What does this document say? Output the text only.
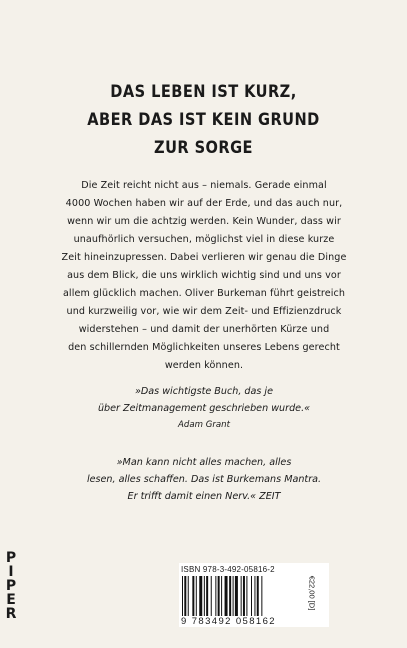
DAS LEBEN IST KURZ,
ABER DAS IST KEIN GRUND
ZUR SORGE
Die Zeit reicht nicht aus – niemals. Gerade einmal
4000 Wochen haben wir auf der Erde, und das auch nur,
wenn wir um die achtzig werden. Kein Wunder, dass wir
unaufhörlich versuchen, möglichst viel in diese kurze
Zeit hineinzupressen. Dabei verlieren wir genau die Dinge
aus dem Blick, die uns wirklich wichtig sind und uns vor
allem glücklich machen. Oliver Burkeman führt geistreich
und kurzweilig vor, wie wir dem Zeit- und Effizienzdruck
widerstehen – und damit der unerhörten Kürze und
den schillernden Möglichkeiten unseres Lebens gerecht
werden können.
»Das wichtigste Buch, das je
über Zeitmanagement geschrieben wurde.«
Adam Grant
»Man kann nicht alles machen, alles
lesen, alles schaffen. Das ist Burkemans Mantra.
Er trifft damit einen Nerv.« ZEIT
P
I
P
E
R
ISBN 978-3-492-05816-2
9 783492 058162
€22,00 [D]
